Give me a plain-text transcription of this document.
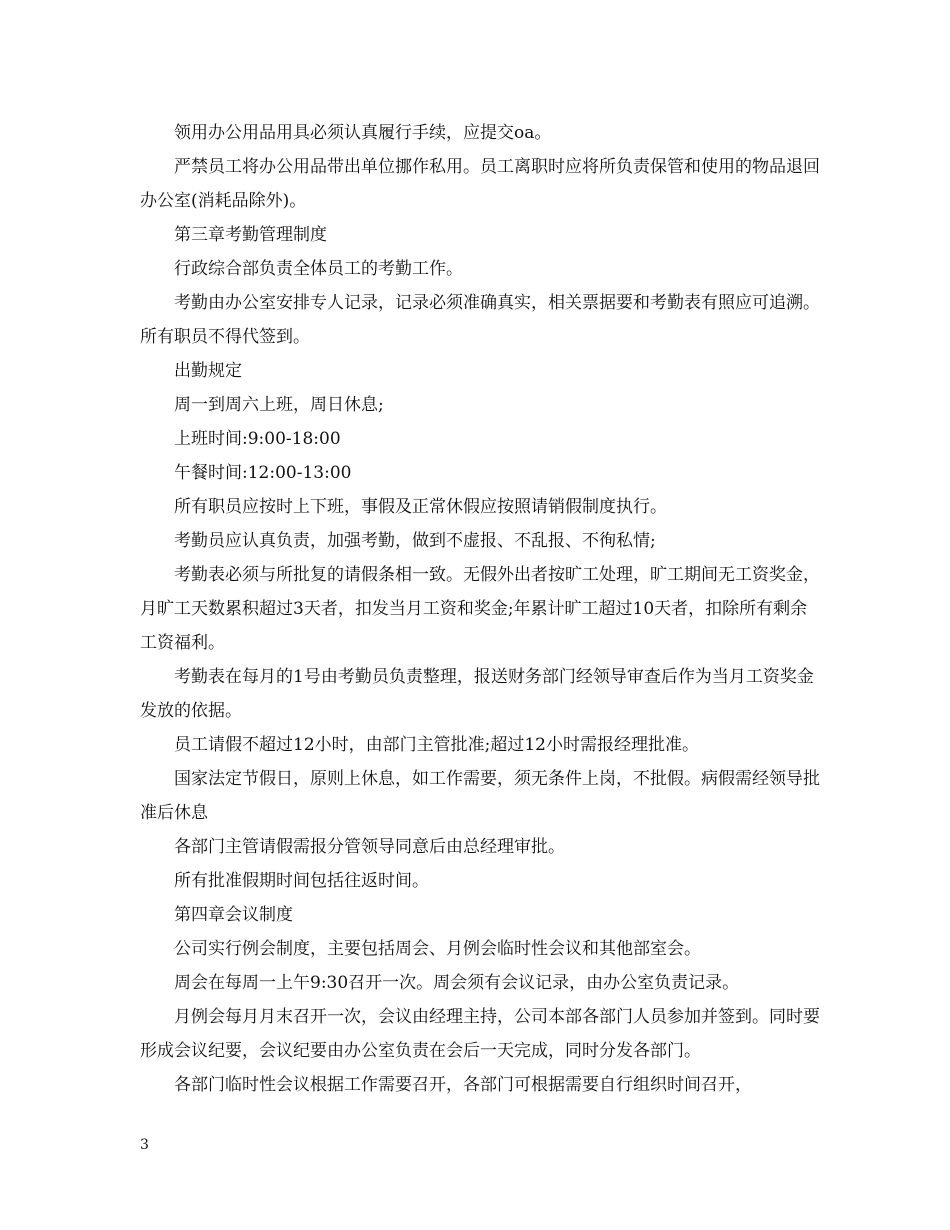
领用办公用品用具必须认真履行手续，应提交oa。

严禁员工将办公用品带出单位挪作私用。员工离职时应将所负责保管和使用的物品退回办公室(消耗品除外)。

第三章考勤管理制度

行政综合部负责全体员工的考勤工作。

考勤由办公室安排专人记录，记录必须准确真实，相关票据要和考勤表有照应可追溯。所有职员不得代签到。

出勤规定

周一到周六上班，周日休息;

上班时间:9:00-18:00

午餐时间:12:00-13:00

所有职员应按时上下班，事假及正常休假应按照请销假制度执行。

考勤员应认真负责，加强考勤，做到不虚报、不乱报、不徇私情;

考勤表必须与所批复的请假条相一致。无假外出者按旷工处理，旷工期间无工资奖金，月旷工天数累积超过3天者，扣发当月工资和奖金;年累计旷工超过10天者，扣除所有剩余工资福利。

考勤表在每月的1号由考勤员负责整理，报送财务部门经领导审查后作为当月工资奖金发放的依据。

员工请假不超过12小时，由部门主管批准;超过12小时需报经理批准。

国家法定节假日，原则上休息，如工作需要，须无条件上岗，不批假。病假需经领导批准后休息

各部门主管请假需报分管领导同意后由总经理审批。

所有批准假期时间包括往返时间。

第四章会议制度

公司实行例会制度，主要包括周会、月例会临时性会议和其他部室会。

周会在每周一上午9:30召开一次。周会须有会议记录，由办公室负责记录。

月例会每月月末召开一次，会议由经理主持，公司本部各部门人员参加并签到。同时要形成会议纪要，会议纪要由办公室负责在会后一天完成，同时分发各部门。

各部门临时性会议根据工作需要召开，各部门可根据需要自行组织时间召开，

3
